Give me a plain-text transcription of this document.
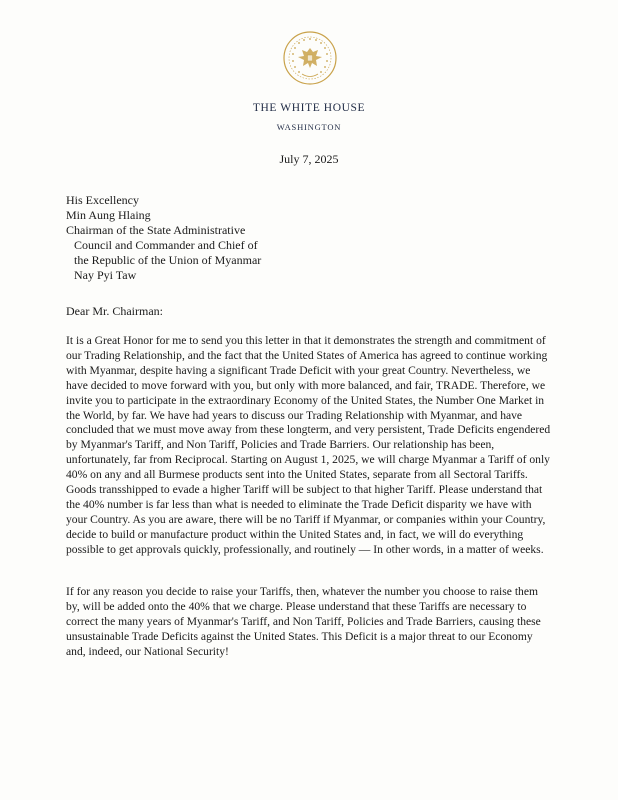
THE WHITE HOUSE
WASHINGTON
July 7, 2025
His Excellency
Min Aung Hlaing
Chairman of the State Administrative
Council and Commander and Chief of
the Republic of the Union of Myanmar
Nay Pyi Taw
Dear Mr. Chairman:

It is a Great Honor for me to send you this letter in that it demonstrates the strength and commitment of our Trading Relationship, and the fact that the United States of America has agreed to continue working with Myanmar, despite having a significant Trade Deficit with your great Country. Nevertheless, we have decided to move forward with you, but only with more balanced, and fair, TRADE. Therefore, we invite you to participate in the extraordinary Economy of the United States, the Number One Market in the World, by far. We have had years to discuss our Trading Relationship with Myanmar, and have concluded that we must move away from these longterm, and very persistent, Trade Deficits engendered by Myanmar's Tariff, and Non Tariff, Policies and Trade Barriers. Our relationship has been, unfortunately, far from Reciprocal. Starting on August 1, 2025, we will charge Myanmar a Tariff of only 40% on any and all Burmese products sent into the United States, separate from all Sectoral Tariffs. Goods transshipped to evade a higher Tariff will be subject to that higher Tariff. Please understand that the 40% number is far less than what is needed to eliminate the Trade Deficit disparity we have with your Country. As you are aware, there will be no Tariff if Myanmar, or companies within your Country, decide to build or manufacture product within the United States and, in fact, we will do everything possible to get approvals quickly, professionally, and routinely — In other words, in a matter of weeks.

If for any reason you decide to raise your Tariffs, then, whatever the number you choose to raise them by, will be added onto the 40% that we charge. Please understand that these Tariffs are necessary to correct the many years of Myanmar's Tariff, and Non Tariff, Policies and Trade Barriers, causing these unsustainable Trade Deficits against the United States. This Deficit is a major threat to our Economy and, indeed, our National Security!
